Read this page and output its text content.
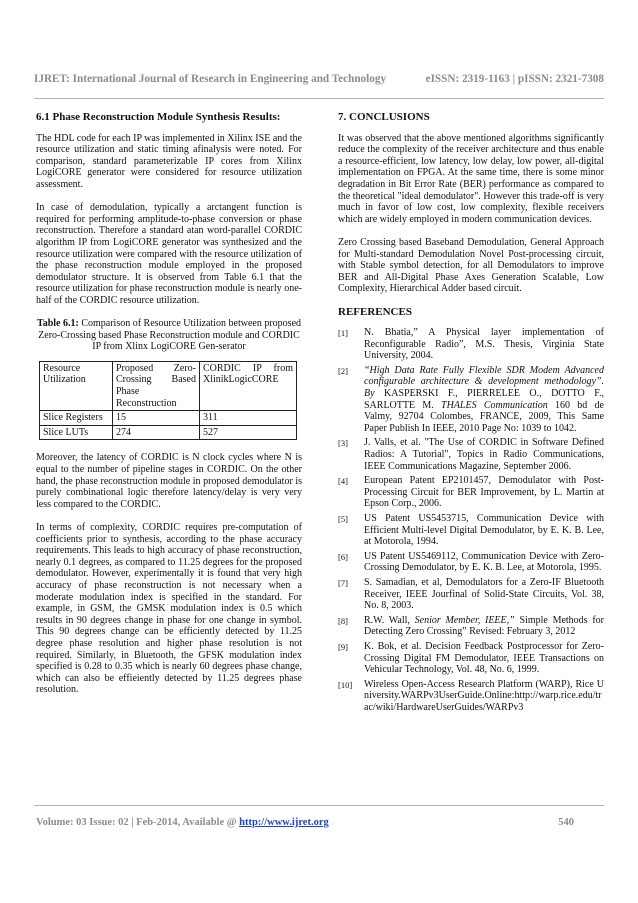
IJRET: International Journal of Research in Engineering and Technology	eISSN: 2319-1163 | pISSN: 2321-7308
6.1 Phase Reconstruction Module Synthesis Results:

The HDL code for each IP was implemented in Xilinx ISE and the resource utilization and static timing afinalysis were noted. For comparison, standard parameterizable IP cores from Xilinx LogiCORE generator were considered for resource utilization assessment.

In case of demodulation, typically a arctangent function is required for performing amplitude-to-phase conversion or phase reconstruction. Therefore a standard atan word-parallel CORDIC algorithm IP from LogiCORE generator was synthesized and the resource utilization were compared with the resource utilization of the phase reconstruction module employed in the proposed demodulator structure. It is observed from Table 6.1 that the resource utilization for phase reconstruction module is nearly one-half of the CORDIC resource utilization.

Table 6.1: Comparison of Resource Utilization between proposed Zero-Crossing based Phase Reconstruction module and CORDIC IP from Xlinx LogiCORE Gen-serator
Resource Utilization	Proposed Zero-Crossing Based Phase Reconstruction	CORDIC IP from XlinikLogicCORE
Slice Registers	15	311
Slice LUTs	274	527

Moreover, the latency of CORDIC is N clock cycles where N is equal to the number of pipeline stages in CORDIC. On the other hand, the phase reconstruction module in proposed demodulator is purely combinational logic therefore latency/delay is very very less compared to the CORDIC.

In terms of complexity, CORDIC requires pre-computation of coefficients prior to synthesis, according to the phase accuracy requirements. This leads to high accuracy of phase reconstruction, nearly 0.1 degrees, as compared to 11.25 degrees for the proposed demodulator. However, experimentally it is found that very high accuracy of phase reconstruction is not necessary when a moderate modulation index is specified in the standard. For example, in GSM, the GMSK modulation index is 0.5 which results in 90 degrees change in phase for one change in symbol. This 90 degrees change can be efficiently detected by 11.25 degree phase resolution and higher phase resolution is not required. Similarly, in Bluetooth, the GFSK modulation index specified is 0.28 to 0.35 which is nearly 60 degrees phase change, which can also be effieiently detected by 11.25 degrees phase resolution.

7. CONCLUSIONS

It was observed that the above mentioned algorithms significantly reduce the complexity of the receiver architecture and thus enable a resource-efficient, low latency, low delay, low power, all-digital implementation on FPGA. At the same time, there is some minor degradation in Bit Error Rate (BER) performance as compared to the theoretical "ideal demodulator". However this trade-off is very much in favor of low cost, low complexity, flexible receivers which are widely employed in modern communication devices.

Zero Crossing based Baseband Demodulation, General Approach for Multi-standard Demodulation Novel Post-processing circuit, with Stable symbol detection, for all Demodulators to improve BER and All-Digital Phase Axes Generation Scalable, Low Complexity, Hierarchical Adder based circuit.

REFERENCES
[1] N. Bhatia,” A Physical layer implementation of Reconfigurable Radio”, M.S. Thesis, Virginia State University, 2004.
[2] “High Data Rate Fully Flexible SDR Modem Advanced configurable architecture & development methodology”. By KASPERSKI F., PIERRELEE O., DOTTO F., SARLOTTE M. THALES Communication 160 bd de Valmy, 92704 Colombes, FRANCE, 2009, This Same Paper Publish In IEEE, 2010 Page No: 1039 to 1042.
[3] J. Valls, et al. "The Use of CORDIC in Software Defined Radios: A Tutorial", Topics in Radio Communications, IEEE Communications Magazine, September 2006.
[4] European Patent EP2101457, Demodulator with Post-Processing Circuit for BER Improvement, by L. Martin at Epson Corp., 2006.
[5] US Patent US5453715, Communication Device with Efficient Multi-level Digital Demodulator, by E. K. B. Lee, at Motorola, 1994.
[6] US Patent US5469112, Communication Device with Zero-Crossing Demodulator, by E. K. B. Lee, at Motorola, 1995.
[7] S. Samadian, et al, Demodulators for a Zero-IF Bluetooth Receiver, IEEE Jourfinal of Solid-State Circuits, Vol. 38, No. 8, 2003.
[8] R.W. Wall, Senior Member, IEEE,” Simple Methods for Detecting Zero Crossing” Revised: February 3, 2012
[9] K. Bok, et al. Decision Feedback Postprocessor for Zero-Crossing Digital FM Demodulator, IEEE Transactions on Vehicular Technology, Vol. 48, No. 6, 1999.
[10] Wireless Open-Access Research Platform (WARP), Rice University.WARPv3UserGuide.Online:http://warp.rice.edu/trac/wiki/HardwareUserGuides/WARPv3
Volume: 03 Issue: 02 | Feb-2014, Available @ http://www.ijret.org	540
